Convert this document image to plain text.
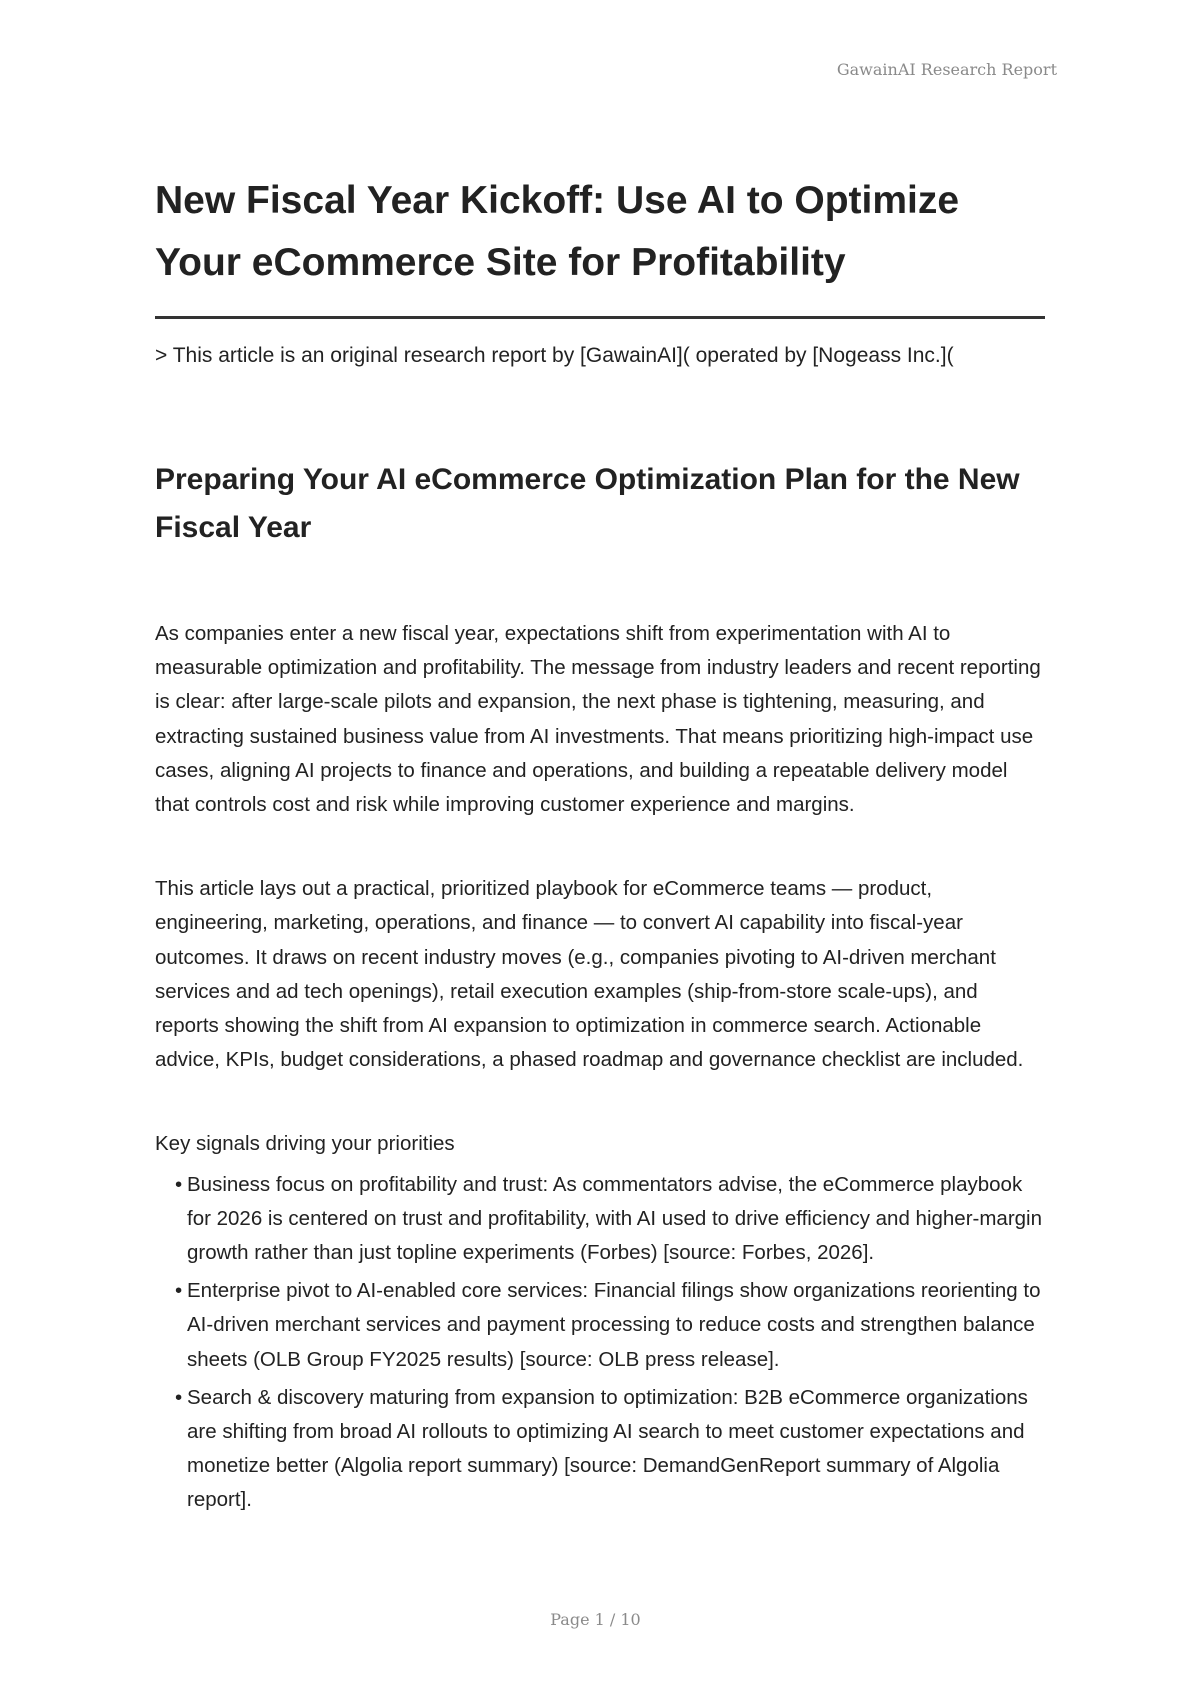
GawainAI Research Report
New Fiscal Year Kickoff: Use AI to Optimize Your eCommerce Site for Profitability

> This article is an original research report by [GawainAI]( operated by [Nogeass Inc.](

Preparing Your AI eCommerce Optimization Plan for the New Fiscal Year

As companies enter a new fiscal year, expectations shift from experimentation with AI to measurable optimization and profitability. The message from industry leaders and recent reporting is clear: after large-scale pilots and expansion, the next phase is tightening, measuring, and extracting sustained business value from AI investments. That means prioritizing high-impact use cases, aligning AI projects to finance and operations, and building a repeatable delivery model that controls cost and risk while improving customer experience and margins.

This article lays out a practical, prioritized playbook for eCommerce teams — product, engineering, marketing, operations, and finance — to convert AI capability into fiscal-year outcomes. It draws on recent industry moves (e.g., companies pivoting to AI-driven merchant services and ad tech openings), retail execution examples (ship-from-store scale-ups), and reports showing the shift from AI expansion to optimization in commerce search. Actionable advice, KPIs, budget considerations, a phased roadmap and governance checklist are included.

Key signals driving your priorities

• Business focus on profitability and trust: As commentators advise, the eCommerce playbook for 2026 is centered on trust and profitability, with AI used to drive efficiency and higher-margin growth rather than just topline experiments (Forbes) [source: Forbes, 2026].
• Enterprise pivot to AI-enabled core services: Financial filings show organizations reorienting to AI-driven merchant services and payment processing to reduce costs and strengthen balance sheets (OLB Group FY2025 results) [source: OLB press release].
• Search & discovery maturing from expansion to optimization: B2B eCommerce organizations are shifting from broad AI rollouts to optimizing AI search to meet customer expectations and monetize better (Algolia report summary) [source: DemandGenReport summary of Algolia report].
Page 1 / 10
